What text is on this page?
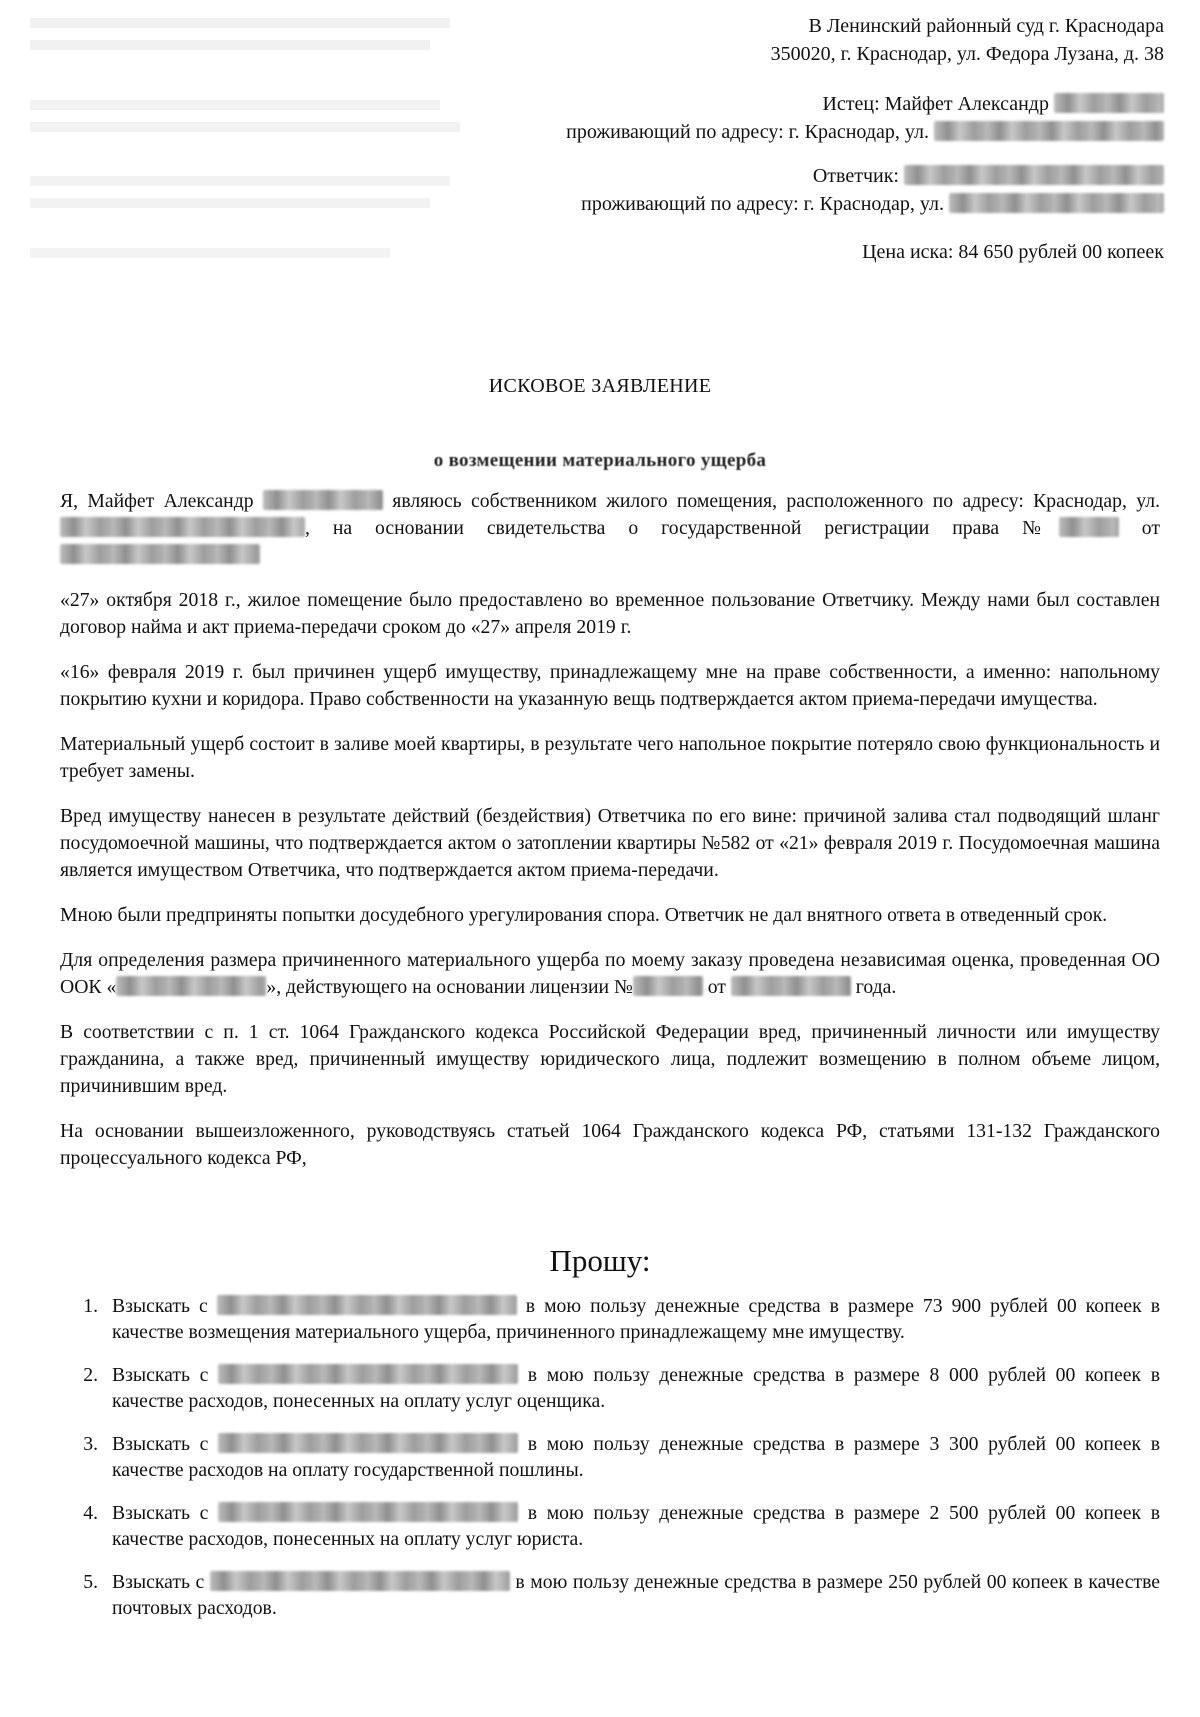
В Ленинский районный суд г. Краснодара
350020, г. Краснодар, ул. Федора Лузана, д. 38
Истец: Майфет Александр
проживающий по адресу: г. Краснодар, ул.
Ответчик:
проживающий по адресу: г. Краснодар, ул.
Цена иска: 84 650 рублей 00 копеек
ИСКОВОЕ ЗАЯВЛЕНИЕ
о возмещении материального ущерба

Я, Майфет Александр	являюсь собственником жилого помещения, расположенного по адресу: Краснодар, ул. , на основании свидетельства о государственной регистрации права №	от

«27» октября 2018 г., жилое помещение было предоставлено во временное пользование Ответчику. Между нами был составлен договор найма и акт приема-передачи сроком до «27» апреля 2019 г.

«16» февраля 2019 г. был причинен ущерб имуществу, принадлежащему мне на праве собственности, а именно: напольному покрытию кухни и коридора. Право собственности на указанную вещь подтверждается актом приема-передачи имущества.

Материальный ущерб состоит в заливе моей квартиры, в результате чего напольное покрытие потеряло свою функциональность и требует замены.

Вред имуществу нанесен в результате действий (бездействия) Ответчика по его вине: причиной залива стал подводящий шланг посудомоечной машины, что подтверждается актом о затоплении квартиры №582 от «21» февраля 2019 г. Посудомоечная машина является имуществом Ответчика, что подтверждается актом приема-передачи.

Мною были предприняты попытки досудебного урегулирования спора. Ответчик не дал внятного ответа в отведенный срок.

Для определения размера причиненного материального ущерба по моему заказу проведена независимая оценка, проведенная ОО ООК «	», действующего на основании лицензии №	от	года.

В соответствии с п. 1 ст. 1064 Гражданского кодекса Российской Федерации вред, причиненный личности или имуществу гражданина, а также вред, причиненный имуществу юридического лица, подлежит возмещению в полном объеме лицом, причинившим вред.

На основании вышеизложенного, руководствуясь статьей 1064 Гражданского кодекса РФ, статьями 131-132 Гражданского процессуального кодекса РФ,

Прошу:
1. Взыскать с	в мою пользу денежные средства в размере 73 900 рублей 00 копеек в качестве возмещения материального ущерба, причиненного принадлежащему мне имуществу.
2. Взыскать с	в мою пользу денежные средства в размере 8 000 рублей 00 копеек в качестве расходов, понесенных на оплату услуг оценщика.
3. Взыскать с	в мою пользу денежные средства в размере 3 300 рублей 00 копеек в качестве расходов на оплату государственной пошлины.
4. Взыскать с	в мою пользу денежные средства в размере 2 500 рублей 00 копеек в качестве расходов, понесенных на оплату услуг юриста.
5. Взыскать с	в мою пользу денежные средства в размере 250 рублей 00 копеек в качестве почтовых расходов.
